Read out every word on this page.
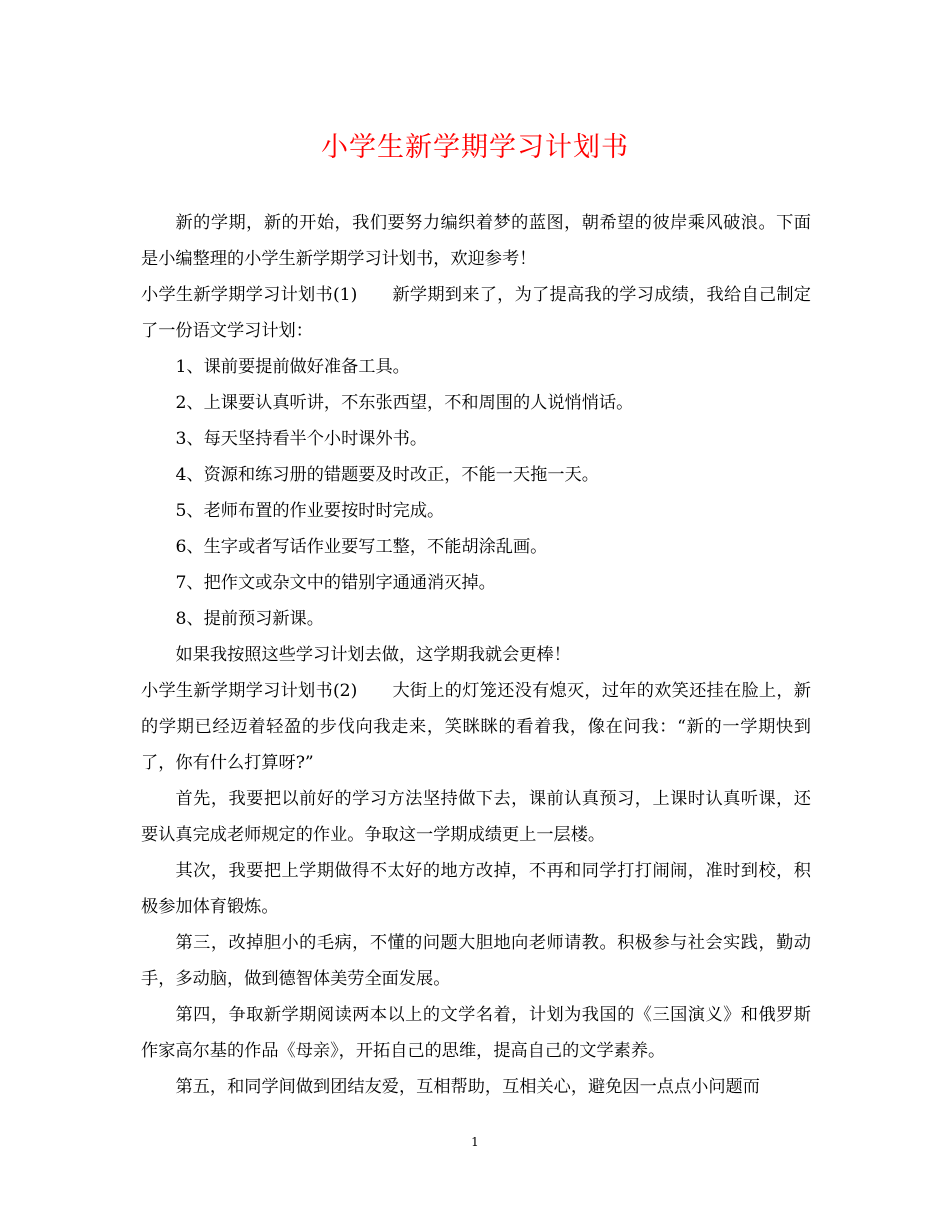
小学生新学期学习计划书

新的学期，新的开始，我们要努力编织着梦的蓝图，朝希望的彼岸乘风破浪。下面是小编整理的小学生新学期学习计划书，欢迎参考！

小学生新学期学习计划书(1)　　新学期到来了，为了提高我的学习成绩，我给自己制定了一份语文学习计划：

1、课前要提前做好准备工具。

2、上课要认真听讲，不东张西望，不和周围的人说悄悄话。

3、每天坚持看半个小时课外书。

4、资源和练习册的错题要及时改正，不能一天拖一天。

5、老师布置的作业要按时时完成。

6、生字或者写话作业要写工整，不能胡涂乱画。

7、把作文或杂文中的错别字通通消灭掉。

8、提前预习新课。

如果我按照这些学习计划去做，这学期我就会更棒！

小学生新学期学习计划书(2)　　大街上的灯笼还没有熄灭，过年的欢笑还挂在脸上，新的学期已经迈着轻盈的步伐向我走来，笑眯眯的看着我，像在问我：“新的一学期快到了，你有什么打算呀?”

首先，我要把以前好的学习方法坚持做下去，课前认真预习，上课时认真听课，还要认真完成老师规定的作业。争取这一学期成绩更上一层楼。

其次，我要把上学期做得不太好的地方改掉，不再和同学打打闹闹，准时到校，积极参加体育锻炼。

第三，改掉胆小的毛病，不懂的问题大胆地向老师请教。积极参与社会实践，勤动手，多动脑，做到德智体美劳全面发展。

第四，争取新学期阅读两本以上的文学名着，计划为我国的《三国演义》和俄罗斯作家高尔基的作品《母亲》，开拓自己的思维，提高自己的文学素养。

第五，和同学间做到团结友爱，互相帮助，互相关心，避免因一点点小问题而

1
